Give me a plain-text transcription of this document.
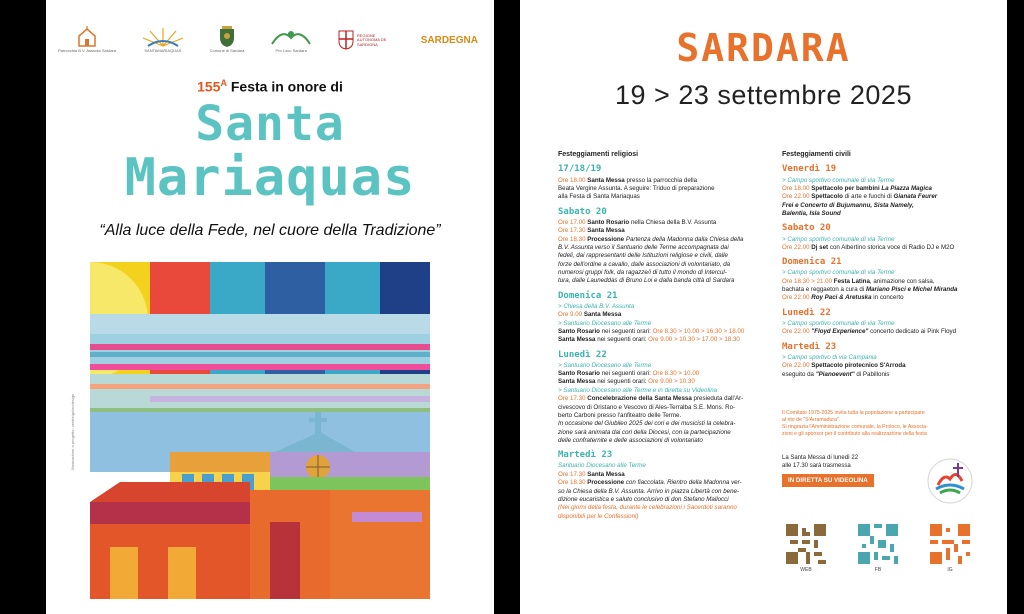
Parrocchia B.V. Assunta Sardara	SANTAMARIAQUAS	Comune di Sardara	Pro Loco Sardara
REGIONE AUTONOMA DE SARDIGNA	SARDEGNA
$155^A$ Festa in onore di
Santa
Mariaquas
“Alla luce della Fede, nel cuore della Tradizione”
Illustrazione a progetto: ventringolondesign
SARDARA
19 > 23 settembre 2025
Festeggiamenti religiosi
17/18/19
Ore 18.00 Santa Messa presso la parrocchia della
Beata Vergine Assunta. A seguire: Triduo di preparazione
alla Festa di Santa Mariaquas
Sabato 20
Ore 17.00 Santo Rosario nella Chiesa della B.V. Assunta
Ore 17.30 Santa Messa
Ore 18.30 Processione Partenza della Madonna dalla Chiesa della
B.V. Assunta verso il Santuario delle Terme accompagnata dai
fedeli, dai rappresentanti delle Istituzioni religiose e civili, dalle
forze dell'ordine a cavallo, dalle associazioni di volontariato, da
numerosi gruppi folk, da ragazze/i di tutto il mondo di Intercul-
tura, dalle Launeddas di Bruno Loi e dalla banda città di Sardara
Domenica 21
> Chiesa della B.V. Assunta
Ore 9.00 Santa Messa
> Santuario Diocesano alle Terme
Santo Rosario nei seguenti orari: Ore 8.30 > 10.00 > 16.30 > 18.00
Santa Messa nei seguenti orari: Ore 9.00 > 10.30 > 17.00 > 18.30
Lunedì 22
> Santuario Diocesano alle Terme
Santo Rosario nei seguenti orari: Ore 8.30 > 10.00
Santa Messa nei seguenti orari: Ore 9.00 > 10.30
> Santuario Diocesano alle Terme e in diretta su Videolina
Ore 17.30 Concelebrazione della Santa Messa presieduta dall'Ar-
civescovo di Oristano e Vescovo di Ales-Terralba S.E. Mons. Ro-
berto Carboni presso l'anfiteatro delle Terme.
In occasione del Giubileo 2025 dei cori e dei musicisti la celebra-
zione sarà animata dai cori della Diocesi, con la partecipazione
delle confraternite e delle associazioni di volontariato
Martedì 23
Santuario Diocesano alle Terme
Ore 17.30 Santa Messa
Ore 18.30 Processione con fiaccolata. Rientro della Madonna ver-
so la Chiesa della B.V. Assunta. Arrivo in piazza Libertà con bene-
dizione eucaristica e saluto conclusivo di don Stefano Mallocci
(Nei giorni della festa, durante le celebrazioni i Sacerdoti saranno
disponibili per le Confessioni)
Festeggiamenti civili
Venerdì 19
> Campo sportivo comunale di via Terme
Ore 18.00 Spettacolo per bambini La Piazza Magica
Ore 22.00 Spettacolo di arte e fuochi di Gianata Feurer
Frei e Concerto di Bujumannu, Sista Namely,
Balentia, Isla Sound
Sabato 20
> Campo sportivo comunale di via Terme
Ore 22.00 Dj set con Albertino storica voce di Radio DJ e M2O
Domenica 21
> Campo sportivo comunale di via Terme
Ore 18.30 > 21.00 Festa Latina, animazione con salsa,
bachata e reggaeton a cura di Mariano Pisci e Michel Miranda
Ore 22.00 Roy Paci & Aretuska in concerto
Lunedì 22
> Campo sportivo comunale di via Terme
Ore 22.00 "Floyd Experience" concerto dedicato ai Pink Floyd
Martedì 23
> Campo sportivo di via Campania
Ore 22.00 Spettacolo pirotecnico S'Arroda
eseguito da "Pianoevent" di Pabillonis
Il Comitato 1975-2025 invita tutta la popolazione a partecipare
al rito de "S'Arramadura".
Si ringrazia l'Amministrazione comunale, la Proloco, le Associa-
zioni e gli sponsor per il contributo alla realizzazione della festa
La Santa Messa di lunedì 22
alle 17.30 sarà trasmessa
IN DIRETTA SU VIDEOLINA
WEB	FB	IG
